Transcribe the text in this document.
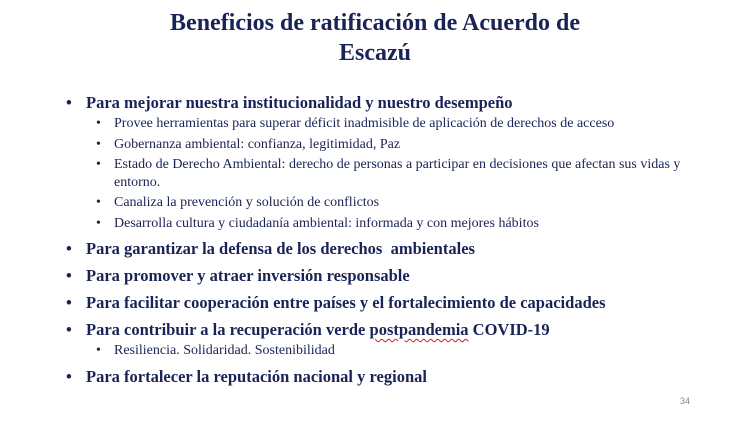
Beneficios de ratificación de Acuerdo de
Escazú
• Para mejorar nuestra institucionalidad y nuestro desempeño
• Provee herramientas para superar déficit inadmisible de aplicación de derechos de acceso
• Gobernanza ambiental: confianza, legitimidad, Paz
• Estado de Derecho Ambiental: derecho de personas a participar en decisiones que afectan sus vidas y entorno.
• Canaliza la prevención y solución de conflictos
• Desarrolla cultura y ciudadanía ambiental: informada y con mejores hábitos
• Para garantizar la defensa de los derechos  ambientales
• Para promover y atraer inversión responsable
• Para facilitar cooperación entre países y el fortalecimiento de capacidades
• Para contribuir a la recuperación verde postpandemia COVID-19
• Resiliencia. Solidaridad. Sostenibilidad
• Para fortalecer la reputación nacional y regional
34
